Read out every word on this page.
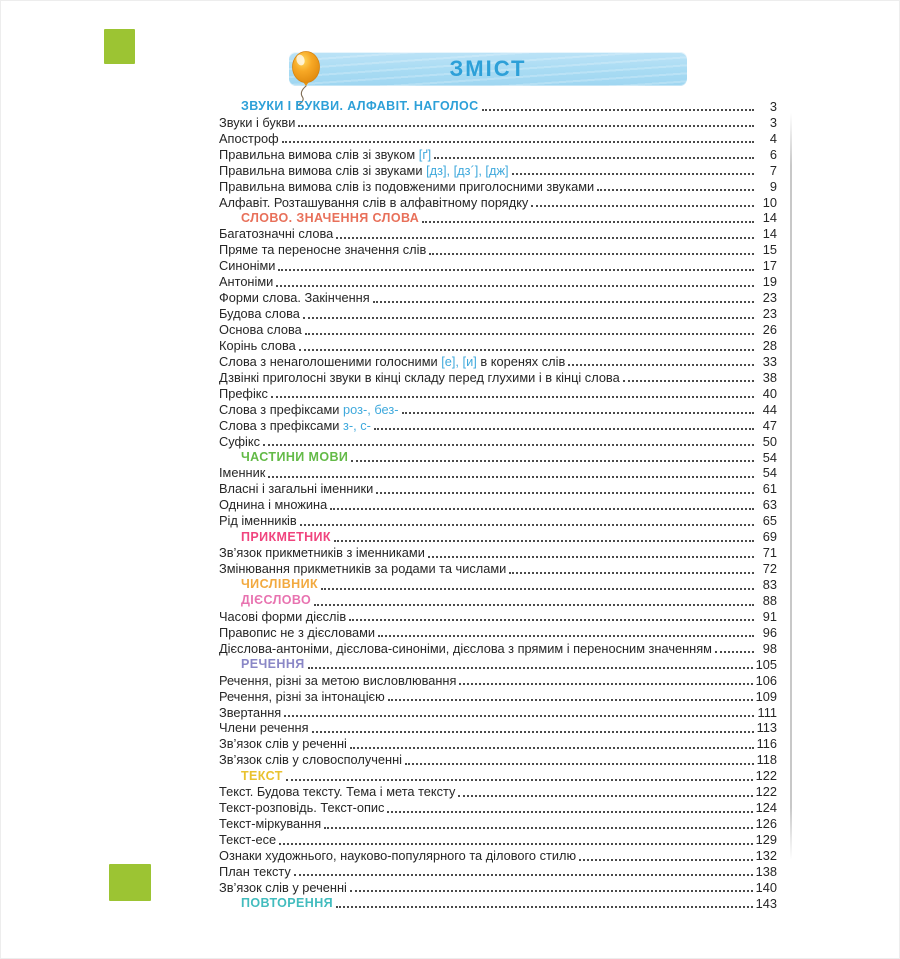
ЗМІСТ
ЗВУКИ І БУКВИ. АЛФАВІТ. НАГОЛОС	3
Звуки і букви	3
Апостроф	4
Правильна вимова слів зі звуком [ґ]	6
Правильна вимова слів зі звуками [дз], [дз´], [дж]	7
Правильна вимова слів із подовженими приголосними звуками	9
Алфавіт. Розташування слів в алфавітному порядку	10
СЛОВО. ЗНАЧЕННЯ СЛОВА	14
Багатозначні слова	14
Пряме та переносне значення слів	15
Синоніми	17
Антоніми	19
Форми слова. Закінчення	23
Будова слова	23
Основа слова	26
Корінь слова	28
Слова з ненаголошеними голосними [е], [и] в коренях слів	33
Дзвінкі приголосні звуки в кінці складу перед глухими і в кінці слова	38
Префікс	40
Слова з префіксами роз-, без-	44
Слова з префіксами з-, с-	47
Суфікс	50
ЧАСТИНИ МОВИ	54
Іменник	54
Власні і загальні іменники	61
Однина і множина	63
Рід іменників	65
ПРИКМЕТНИК	69
Зв’язок прикметників з іменниками	71
Змінювання прикметників за родами та числами	72
ЧИСЛІВНИК	83
ДІЄСЛОВО	88
Часові форми дієслів	91
Правопис не з дієсловами	96
Дієслова-антоніми, дієслова-синоніми, дієслова з прямим і переносним значенням	98
РЕЧЕННЯ	105
Речення, різні за метою висловлювання	106
Речення, різні за інтонацією	109
Звертання	111
Члени речення	113
Зв’язок слів у реченні	116
Зв’язок слів у словосполученні	118
ТЕКСТ	122
Текст. Будова тексту. Тема і мета тексту	122
Текст-розповідь. Текст-опис	124
Текст-міркування	126
Текст-есе	129
Ознаки художнього, науково-популярного та ділового стилю	132
План тексту	138
Зв’язок слів у реченні	140
ПОВТОРЕННЯ	143
